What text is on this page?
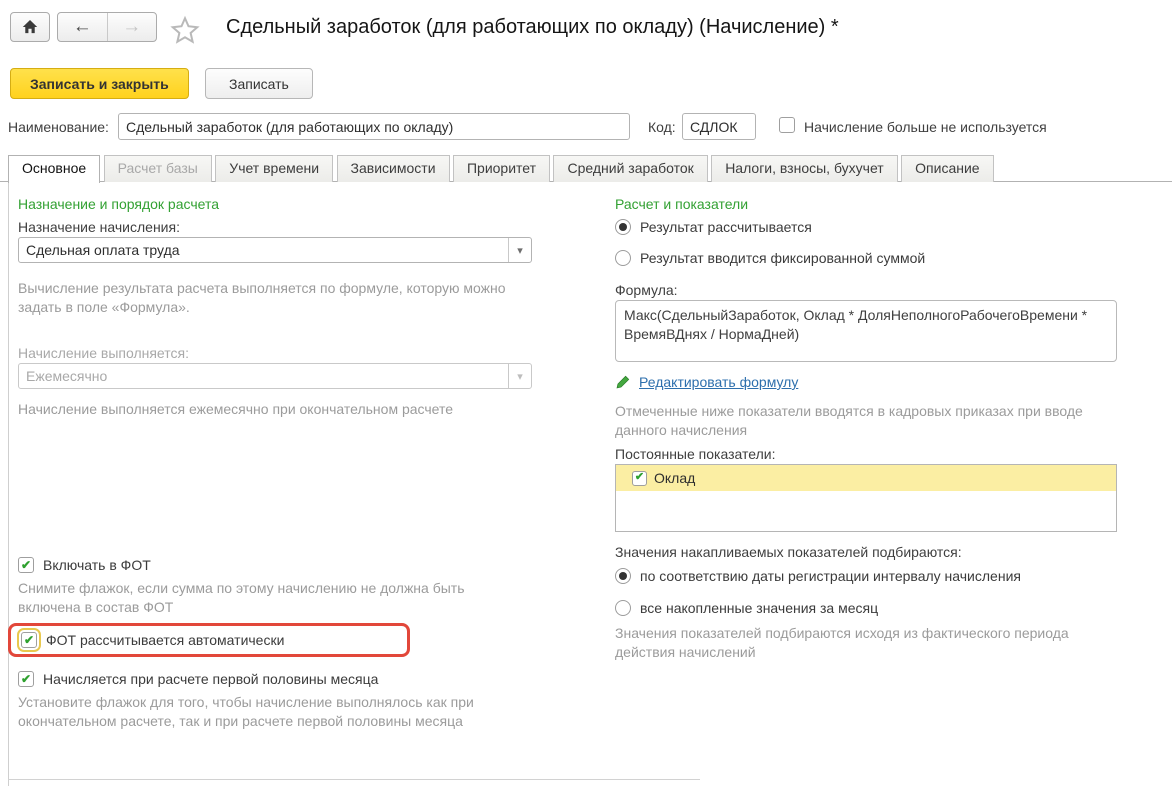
← →	Сдельный заработок (для работающих по окладу) (Начисление) *
Записать и закрыть	Записать
Наименование:	Сдельный заработок (для работающих по окладу)	Код:	СДЛОК	Начисление больше не используется
Основное Расчет базы Учет времени Зависимости Приоритет Средний заработок Налоги, взносы, бухучет Описание
Назначение и порядок расчета
Назначение начисления:
Сдельная оплата труда	▾
Вычисление результата расчета выполняется по формуле, которую можно задать в поле «Формула».
Начисление выполняется:
Ежемесячно	▾
Начисление выполняется ежемесячно при окончательном расчете
✔ Включать в ФОТ
Снимите флажок, если сумма по этому начислению не должна быть включена в состав ФОТ
✔ ФОТ рассчитывается автоматически
✔ Начисляется при расчете первой половины месяца
Установите флажок для того, чтобы начисление выполнялось как при окончательном расчете, так и при расчете первой половины месяца
Расчет и показатели
Результат рассчитывается
Результат вводится фиксированной суммой
Формула:
Макс(СдельныйЗаработок, Оклад * ДоляНеполногоРабочегоВремени * ВремяВДнях / НормаДней)
Редактировать формулу
Отмеченные ниже показатели вводятся в кадровых приказах при вводе данного начисления
Постоянные показатели:
✔ Оклад
Значения накапливаемых показателей подбираются:
по соответствию даты регистрации интервалу начисления
все накопленные значения за месяц
Значения показателей подбираются исходя из фактического периода действия начислений
